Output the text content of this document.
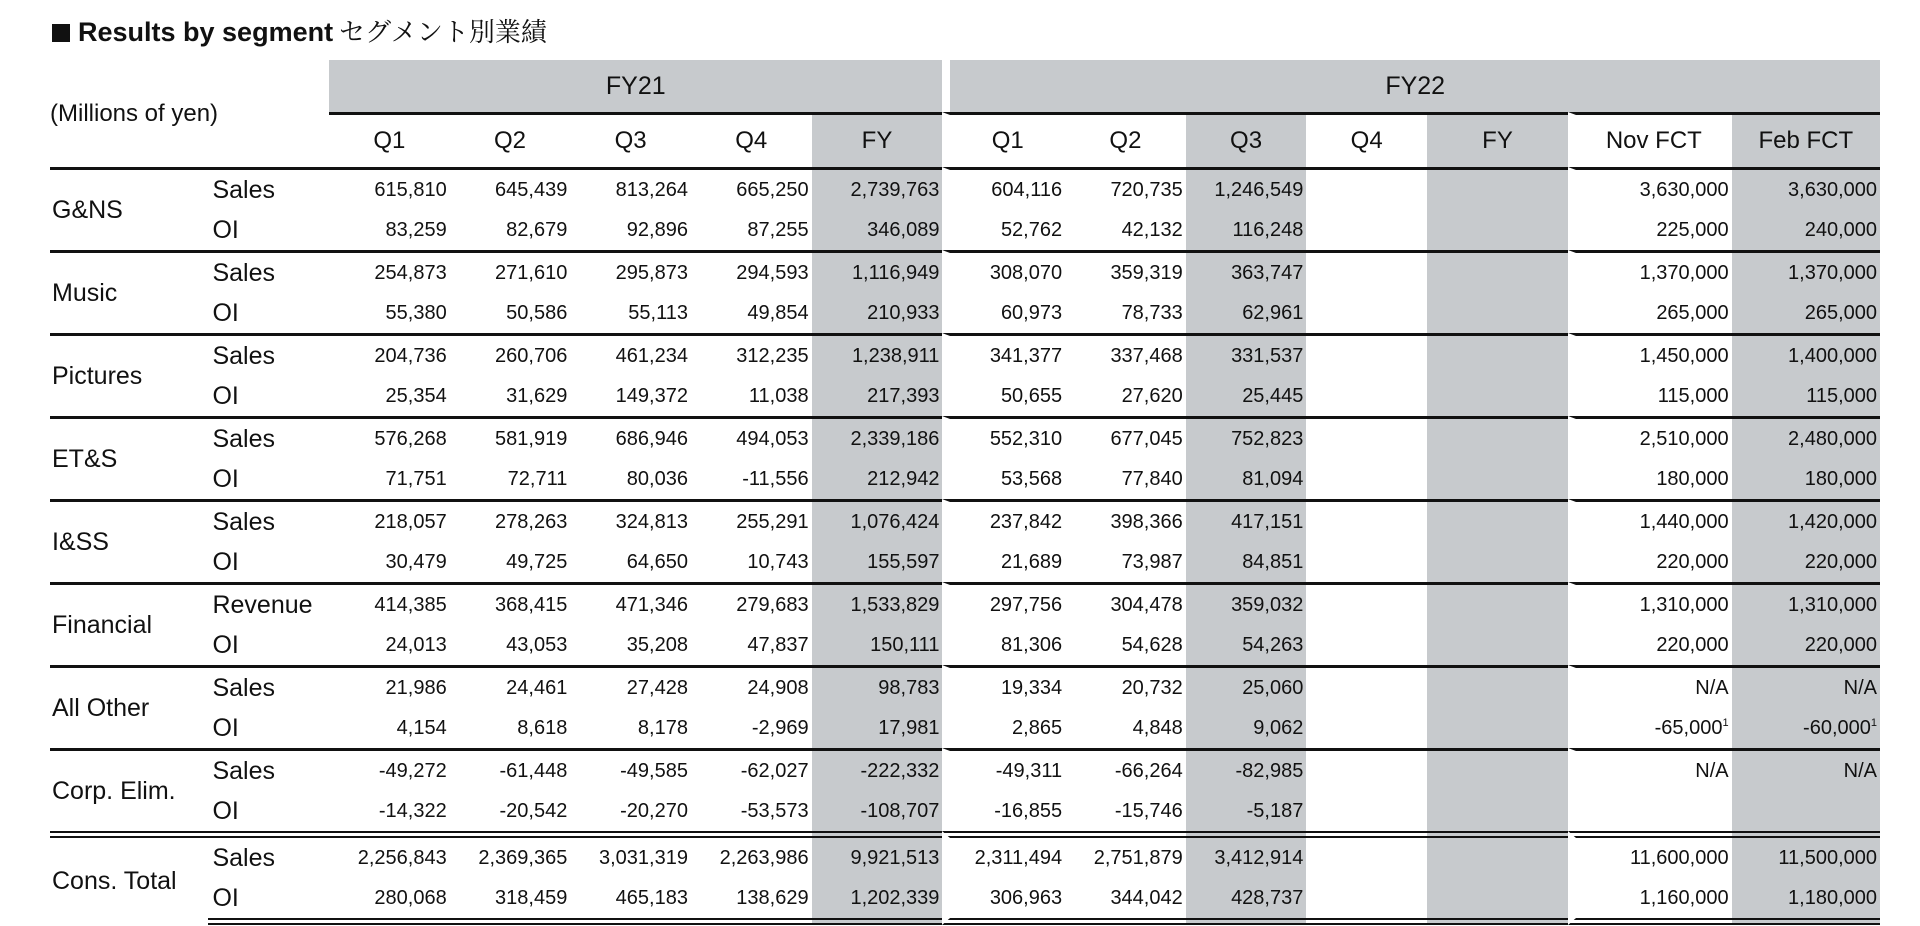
Results by segment セグメント別業績
(Millions of yen)		FY21					FY22						
		Q1	Q2	Q3	Q4	FY	Q1	Q2	Q3	Q4	FY	Nov FCT	Feb FCT
G&NS	Sales	615,810	645,439	813,264	665,250	2,739,763	604,116	720,735	1,246,549			3,630,000	3,630,000
	OI	83,259	82,679	92,896	87,255	346,089	52,762	42,132	116,248			225,000	240,000
Music	Sales	254,873	271,610	295,873	294,593	1,116,949	308,070	359,319	363,747			1,370,000	1,370,000
	OI	55,380	50,586	55,113	49,854	210,933	60,973	78,733	62,961			265,000	265,000
Pictures	Sales	204,736	260,706	461,234	312,235	1,238,911	341,377	337,468	331,537			1,450,000	1,400,000
	OI	25,354	31,629	149,372	11,038	217,393	50,655	27,620	25,445			115,000	115,000
ET&S	Sales	576,268	581,919	686,946	494,053	2,339,186	552,310	677,045	752,823			2,510,000	2,480,000
	OI	71,751	72,711	80,036	-11,556	212,942	53,568	77,840	81,094			180,000	180,000
I&SS	Sales	218,057	278,263	324,813	255,291	1,076,424	237,842	398,366	417,151			1,440,000	1,420,000
	OI	30,479	49,725	64,650	10,743	155,597	21,689	73,987	84,851			220,000	220,000
Financial	Revenue	414,385	368,415	471,346	279,683	1,533,829	297,756	304,478	359,032			1,310,000	1,310,000
	OI	24,013	43,053	35,208	47,837	150,111	81,306	54,628	54,263			220,000	220,000
All Other	Sales	21,986	24,461	27,428	24,908	98,783	19,334	20,732	25,060			N/A	N/A
	OI	4,154	8,618	8,178	-2,969	17,981	2,865	4,848	9,062			-65,000$^1$	-60,000$^1$
Corp. Elim.	Sales	-49,272	-61,448	-49,585	-62,027	-222,332	-49,311	-66,264	-82,985			N/A	N/A
	OI	-14,322	-20,542	-20,270	-53,573	-108,707	-16,855	-15,746	-5,187				
Cons. Total	Sales	2,256,843	2,369,365	3,031,319	2,263,986	9,921,513	2,311,494	2,751,879	3,412,914			11,600,000	11,500,000
	OI	280,068	318,459	465,183	138,629	1,202,339	306,963	344,042	428,737			1,160,000	1,180,000
